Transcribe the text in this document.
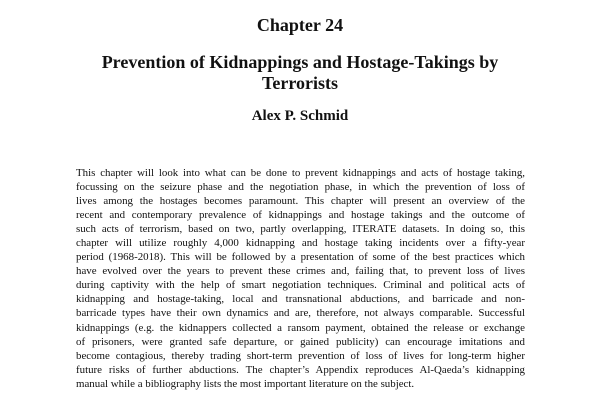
Chapter 24
Prevention of Kidnappings and Hostage-Takings by Terrorists
Alex P. Schmid
This chapter will look into what can be done to prevent kidnappings and acts of hostage taking,
focussing on the seizure phase and the negotiation phase, in which the prevention of loss of
lives among the hostages becomes paramount. This chapter will present an overview of the
recent and contemporary prevalence of kidnappings and hostage takings and the outcome of
such acts of terrorism, based on two, partly overlapping, ITERATE datasets. In doing so, this
chapter will utilize roughly 4,000 kidnapping and hostage taking incidents over a fifty-year
period (1968-2018). This will be followed by a presentation of some of the best practices which
have evolved over the years to prevent these crimes and, failing that, to prevent loss of lives
during captivity with the help of smart negotiation techniques. Criminal and political acts of
kidnapping and hostage-taking, local and transnational abductions, and barricade and non-
barricade types have their own dynamics and are, therefore, not always comparable. Successful
kidnappings (e.g. the kidnappers collected a ransom payment, obtained the release or exchange
of prisoners, were granted safe departure, or gained publicity) can encourage imitations and
become contagious, thereby trading short-term prevention of loss of lives for long-term higher
future risks of further abductions. The chapter’s Appendix reproduces Al-Qaeda’s kidnapping
manual while a bibliography lists the most important literature on the subject.
